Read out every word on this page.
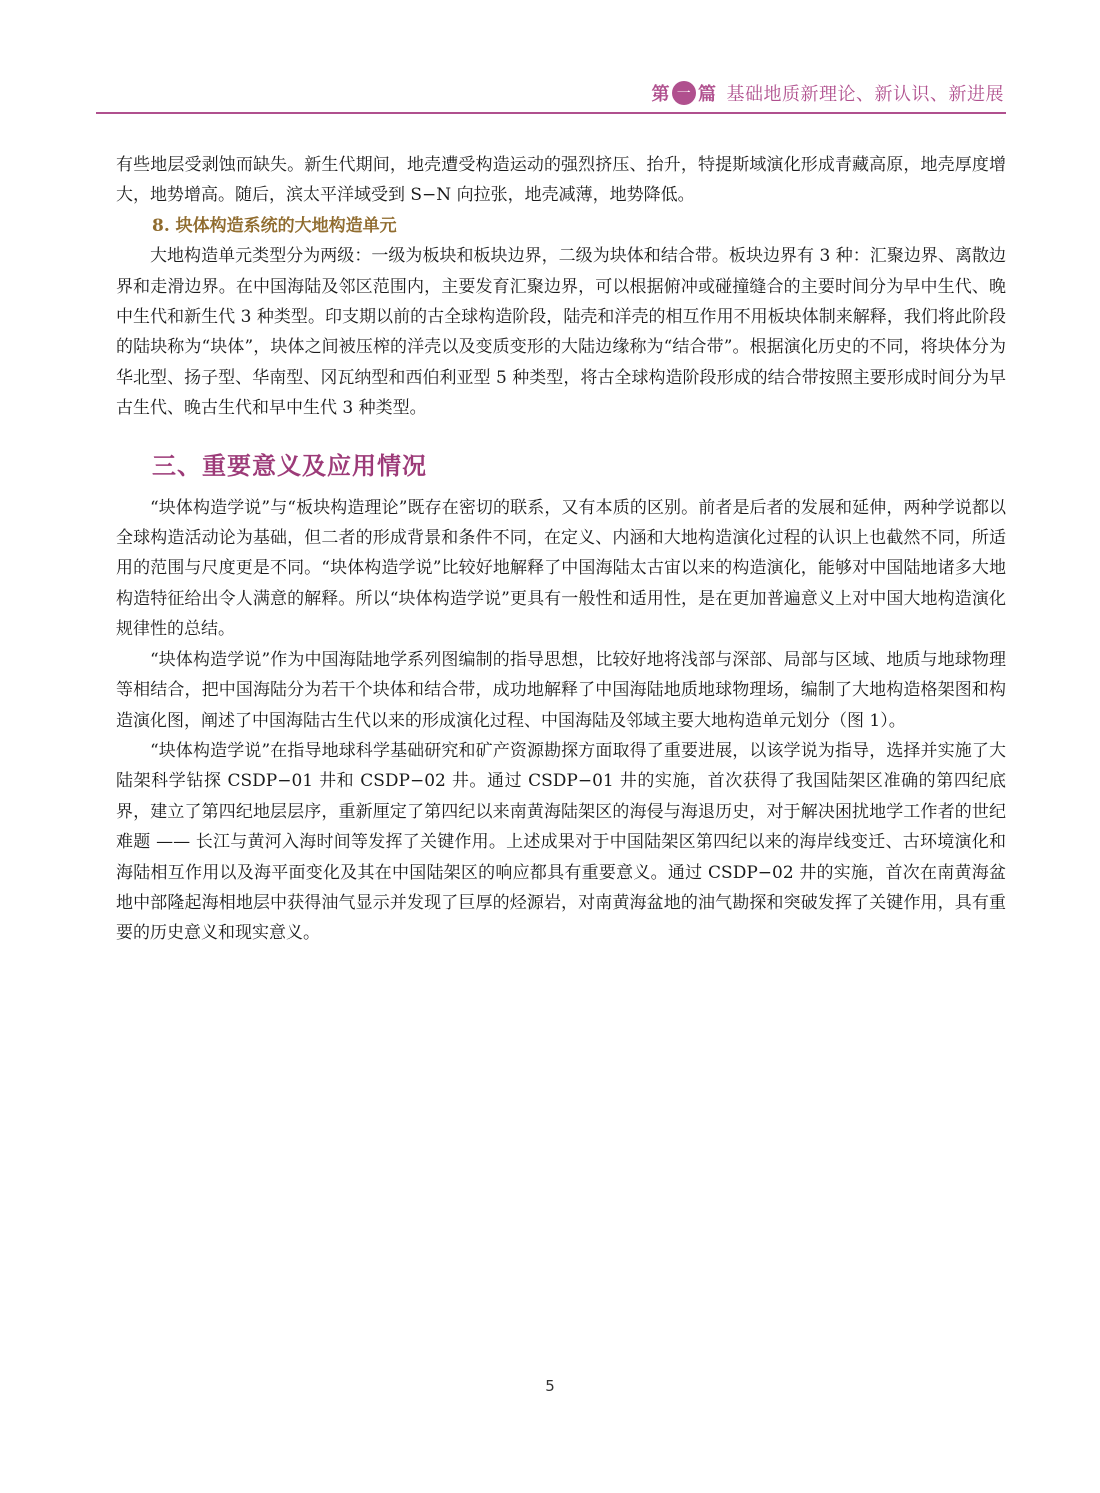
第 一 篇 基础地质新理论、新认识、新进展

有些地层受剥蚀而缺失。新生代期间，地壳遭受构造运动的强烈挤压、抬升，特提斯域演化形成青藏高原，地壳厚度增大，地势增高。随后，滨太平洋域受到 S−N 向拉张，地壳减薄，地势降低。

8. 块体构造系统的大地构造单元

大地构造单元类型分为两级：一级为板块和板块边界，二级为块体和结合带。板块边界有 3 种：汇聚边界、离散边界和走滑边界。在中国海陆及邻区范围内，主要发育汇聚边界，可以根据俯冲或碰撞缝合的主要时间分为早中生代、晚中生代和新生代 3 种类型。印支期以前的古全球构造阶段，陆壳和洋壳的相互作用不用板块体制来解释，我们将此阶段的陆块称为“块体”，块体之间被压榨的洋壳以及变质变形的大陆边缘称为“结合带”。根据演化历史的不同，将块体分为华北型、扬子型、华南型、冈瓦纳型和西伯利亚型 5 种类型，将古全球构造阶段形成的结合带按照主要形成时间分为早古生代、晚古生代和早中生代 3 种类型。

三、重要意义及应用情况

“块体构造学说”与“板块构造理论”既存在密切的联系，又有本质的区别。前者是后者的发展和延伸，两种学说都以全球构造活动论为基础，但二者的形成背景和条件不同，在定义、内涵和大地构造演化过程的认识上也截然不同，所适用的范围与尺度更是不同。“块体构造学说”比较好地解释了中国海陆太古宙以来的构造演化，能够对中国陆地诸多大地构造特征给出令人满意的解释。所以“块体构造学说”更具有一般性和适用性，是在更加普遍意义上对中国大地构造演化规律性的总结。

“块体构造学说”作为中国海陆地学系列图编制的指导思想，比较好地将浅部与深部、局部与区域、地质与地球物理等相结合，把中国海陆分为若干个块体和结合带，成功地解释了中国海陆地质地球物理场，编制了大地构造格架图和构造演化图，阐述了中国海陆古生代以来的形成演化过程、中国海陆及邻域主要大地构造单元划分（图 1）。

“块体构造学说”在指导地球科学基础研究和矿产资源勘探方面取得了重要进展，以该学说为指导，选择并实施了大陆架科学钻探 CSDP−01 井和 CSDP−02 井。通过 CSDP−01 井的实施，首次获得了我国陆架区准确的第四纪底界，建立了第四纪地层层序，重新厘定了第四纪以来南黄海陆架区的海侵与海退历史，对于解决困扰地学工作者的世纪难题 —— 长江与黄河入海时间等发挥了关键作用。上述成果对于中国陆架区第四纪以来的海岸线变迁、古环境演化和海陆相互作用以及海平面变化及其在中国陆架区的响应都具有重要意义。通过 CSDP−02 井的实施，首次在南黄海盆地中部隆起海相地层中获得油气显示并发现了巨厚的烃源岩，对南黄海盆地的油气勘探和突破发挥了关键作用，具有重要的历史意义和现实意义。

5
